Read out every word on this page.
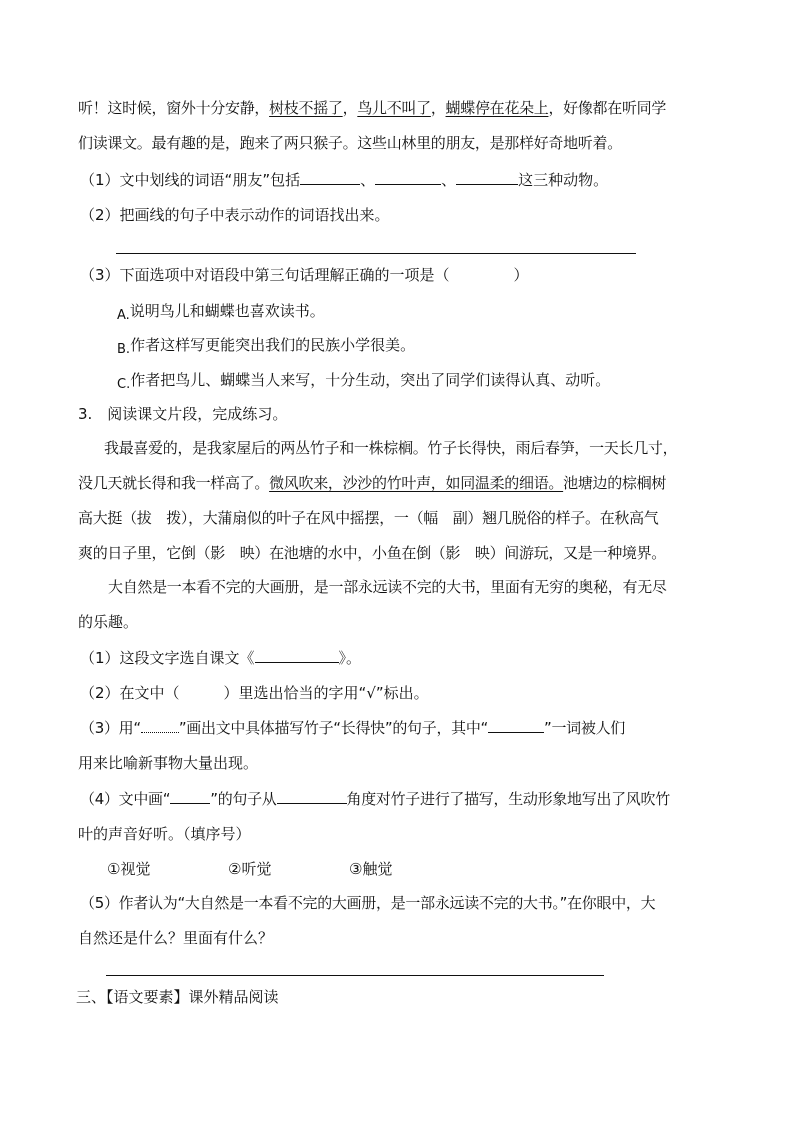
听！这时候，窗外十分安静，树枝不摇了，鸟儿不叫了，蝴蝶停在花朵上，好像都在听同学
们读课文。最有趣的是，跑来了两只猴子。这些山林里的朋友，是那样好奇地听着。
（1）文中划线的词语“朋友”包括	、	、	这三种动物。
（2）把画线的句子中表示动作的词语找出来。
（3）下面选项中对语段中第三句话理解正确的一项是（	）
A.说明鸟儿和蝴蝶也喜欢读书。
B.作者这样写更能突出我们的民族小学很美。
C.作者把鸟儿、蝴蝶当人来写，十分生动，突出了同学们读得认真、动听。
3.　阅读课文片段，完成练习。
我最喜爱的，是我家屋后的两丛竹子和一株棕榈。竹子长得快，雨后春笋，一天长几寸，
没几天就长得和我一样高了。微风吹来，沙沙的竹叶声，如同温柔的细语。池塘边的棕榈树
高大挺（拔　拨），大蒲扇似的叶子在风中摇摆，一（幅　副）翘几脱俗的样子。在秋高气
爽的日子里，它倒（影　映）在池塘的水中，小鱼在倒（影　映）间游玩，又是一种境界。
大自然是一本看不完的大画册，是一部永远读不完的大书，里面有无穷的奥秘，有无尽
的乐趣。
（1）这段文字选自课文《	》。
（2）在文中（	）里选出恰当的字用“√”标出。
（3）用“	”画出文中具体描写竹子“长得快”的句子，其中“	”一词被人们
用来比喻新事物大量出现。
（4）文中画“	”的句子从	角度对竹子进行了描写，生动形象地写出了风吹竹
叶的声音好听。（填序号）
①视觉	②听觉	③触觉
（5）作者认为“大自然是一本看不完的大画册，是一部永远读不完的大书。”在你眼中，大
自然还是什么？里面有什么？
三、【语文要素】课外精品阅读
